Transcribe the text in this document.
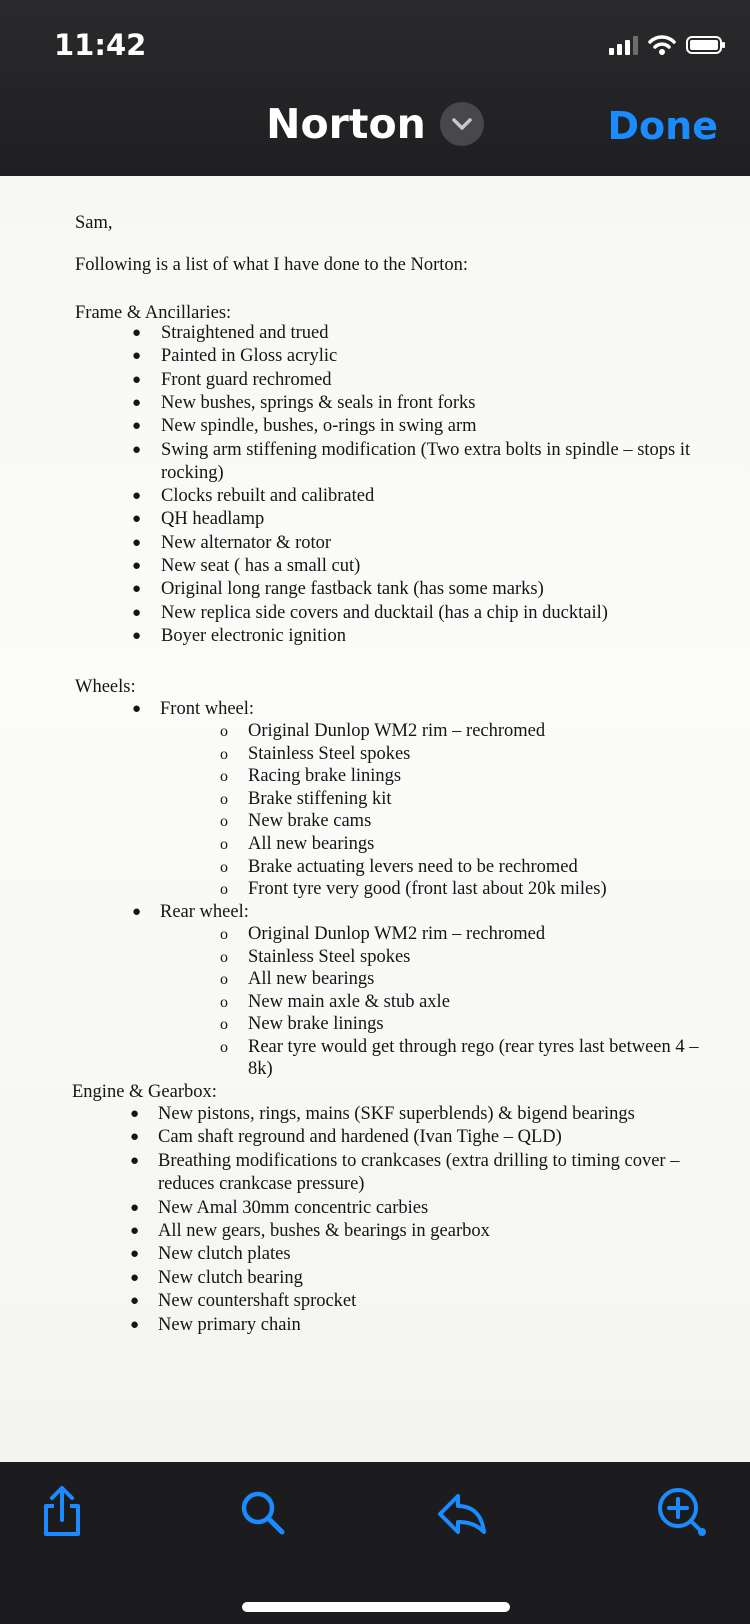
11:42
Norton	Done
Sam,
Following is a list of what I have done to the Norton:
Frame & Ancillaries:
● Straightened and trued
● Painted in Gloss acrylic
● Front guard rechromed
● New bushes, springs & seals in front forks
● New spindle, bushes, o-rings in swing arm
● Swing arm stiffening modification (Two extra bolts in spindle – stops it
rocking)
● Clocks rebuilt and calibrated
● QH headlamp
● New alternator & rotor
● New seat ( has a small cut)
● Original long range fastback tank (has some marks)
● New replica side covers and ducktail (has a chip in ducktail)
● Boyer electronic ignition
Wheels:
● Front wheel:
o Original Dunlop WM2 rim – rechromed
o Stainless Steel spokes
o Racing brake linings
o Brake stiffening kit
o New brake cams
o All new bearings
o Brake actuating levers need to be rechromed
o Front tyre very good (front last about 20k miles)
● Rear wheel:
o Original Dunlop WM2 rim – rechromed
o Stainless Steel spokes
o All new bearings
o New main axle & stub axle
o New brake linings
o Rear tyre would get through rego (rear tyres last between 4 –
8k)
Engine & Gearbox:
● New pistons, rings, mains (SKF superblends) & bigend bearings
● Cam shaft reground and hardened (Ivan Tighe – QLD)
● Breathing modifications to crankcases (extra drilling to timing cover –
reduces crankcase pressure)
● New Amal 30mm concentric carbies
● All new gears, bushes & bearings in gearbox
● New clutch plates
● New clutch bearing
● New countershaft sprocket
● New primary chain
